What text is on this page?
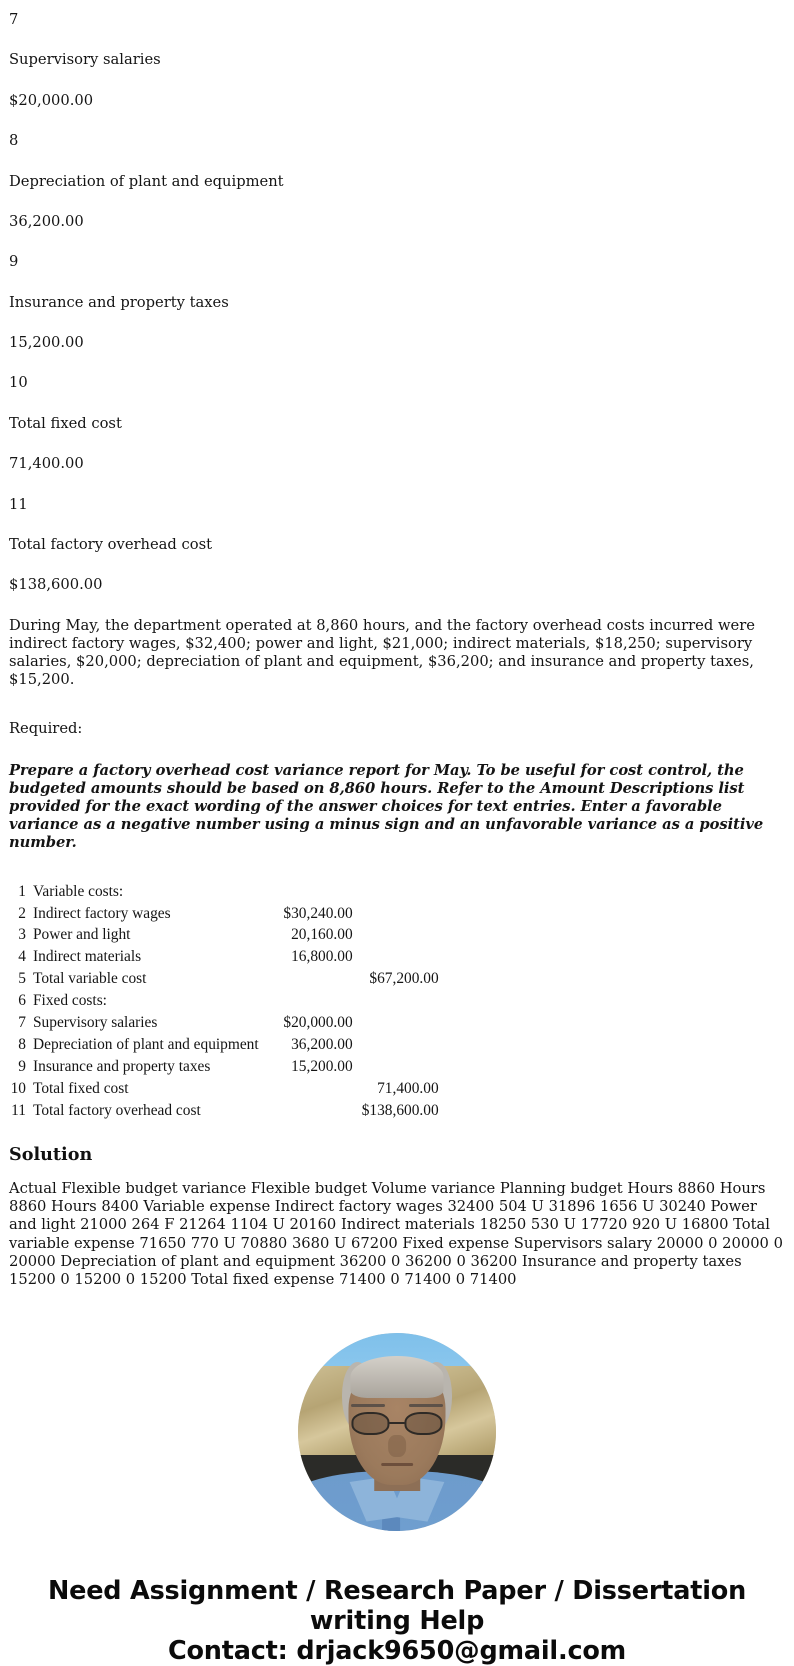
7

Supervisory salaries

$20,000.00

8

Depreciation of plant and equipment

36,200.00

9

Insurance and property taxes

15,200.00

10

Total fixed cost

71,400.00

11

Total factory overhead cost

$138,600.00

During May, the department operated at 8,860 hours, and the factory overhead costs incurred were indirect factory wages, $32,400; power and light, $21,000; indirect materials, $18,250; supervisory salaries, $20,000; depreciation of plant and equipment, $36,200; and insurance and property taxes, $15,200.

Required:

Prepare a factory overhead cost variance report for May. To be useful for cost control, the budgeted amounts should be based on 8,860 hours. Refer to the Amount Descriptions list provided for the exact wording of the answer choices for text entries. Enter a favorable variance as a negative number using a minus sign and an unfavorable variance as a positive number.

1	Variable costs:		
2	Indirect factory wages	$30,240.00	
3	Power and light	20,160.00	
4	Indirect materials	16,800.00	
5	Total variable cost		$67,200.00
6	Fixed costs:		
7	Supervisory salaries	$20,000.00	
8	Depreciation of plant and equipment	36,200.00	
9	Insurance and property taxes	15,200.00	
10	Total fixed cost		71,400.00
11	Total factory overhead cost		$138,600.00
Solution

Actual Flexible budget variance Flexible budget Volume variance Planning budget Hours 8860 Hours 8860 Hours 8400 Variable expense Indirect factory wages 32400 504 U 31896 1656 U 30240 Power and light 21000 264 F 21264 1104 U 20160 Indirect materials 18250 530 U 17720 920 U 16800 Total variable expense 71650 770 U 70880 3680 U 67200 Fixed expense Supervisors salary 20000 0 20000 0 20000 Depreciation of plant and equipment 36200 0 36200 0 36200 Insurance and property taxes 15200 0 15200 0 15200 Total fixed expense 71400 0 71400 0 71400

Need Assignment / Research Paper / Dissertation
writing Help
Contact: drjack9650@gmail.com
